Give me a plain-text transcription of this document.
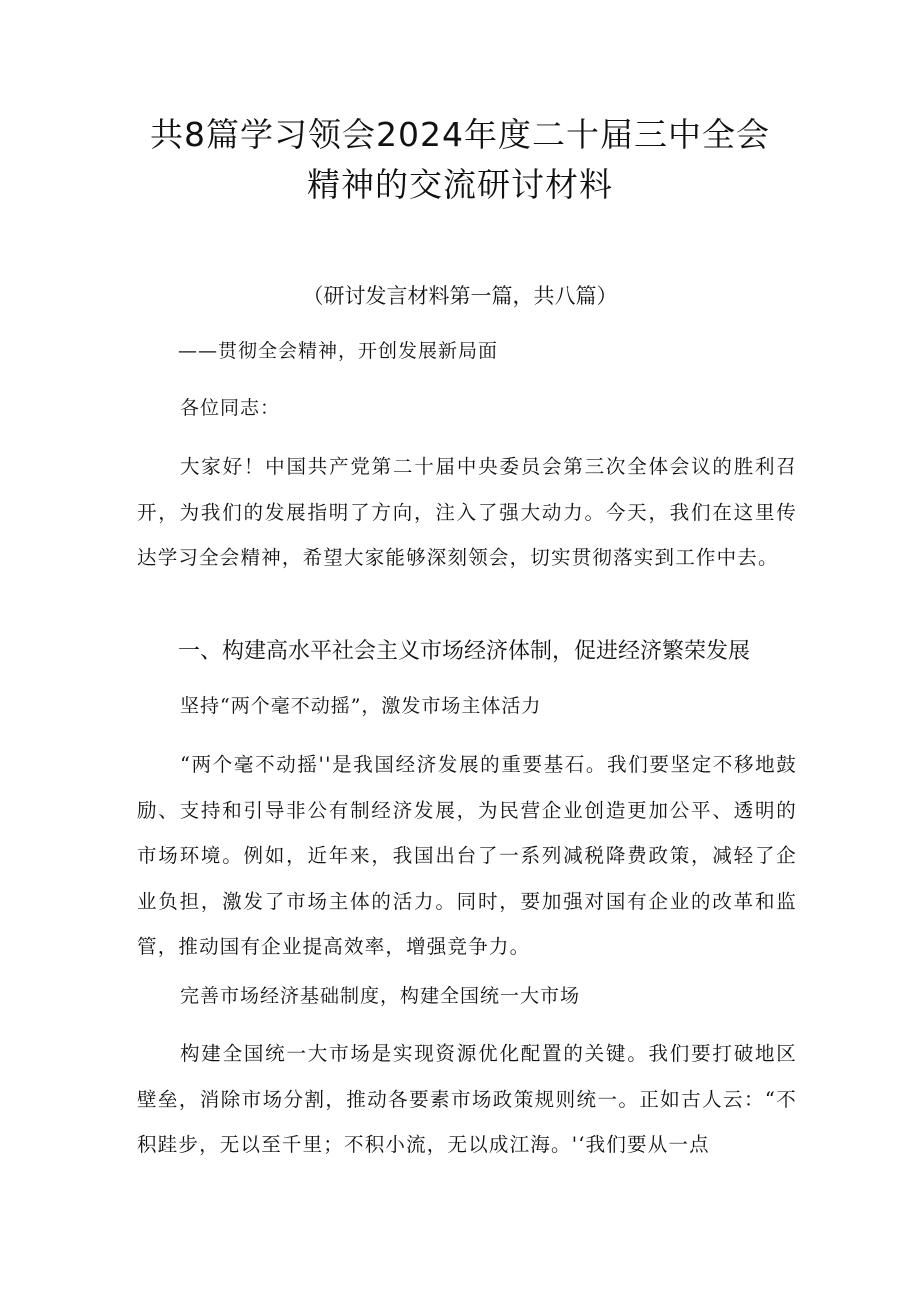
共8篇学习领会2024年度二十届三中全会
精神的交流研讨材料
（研讨发言材料第一篇，共八篇）
——贯彻全会精神，开创发展新局面
各位同志：
大家好！中国共产党第二十届中央委员会第三次全体会议的胜利召开，为我们的发展指明了方向，注入了强大动力。今天，我们在这里传达学习全会精神，希望大家能够深刻领会，切实贯彻落实到工作中去。
一、构建高水平社会主义市场经济体制，促进经济繁荣发展
坚持“两个毫不动摇”，激发市场主体活力
“两个毫不动摇''是我国经济发展的重要基石。我们要坚定不移地鼓励、支持和引导非公有制经济发展，为民营企业创造更加公平、透明的市场环境。例如，近年来，我国出台了一系列减税降费政策，减轻了企业负担，激发了市场主体的活力。同时，要加强对国有企业的改革和监管，推动国有企业提高效率，增强竞争力。
完善市场经济基础制度，构建全国统一大市场
构建全国统一大市场是实现资源优化配置的关键。我们要打破地区壁垒，消除市场分割，推动各要素市场政策规则统一。正如古人云：“不积跬步，无以至千里；不积小流，无以成江海。'‘我们要从一点
